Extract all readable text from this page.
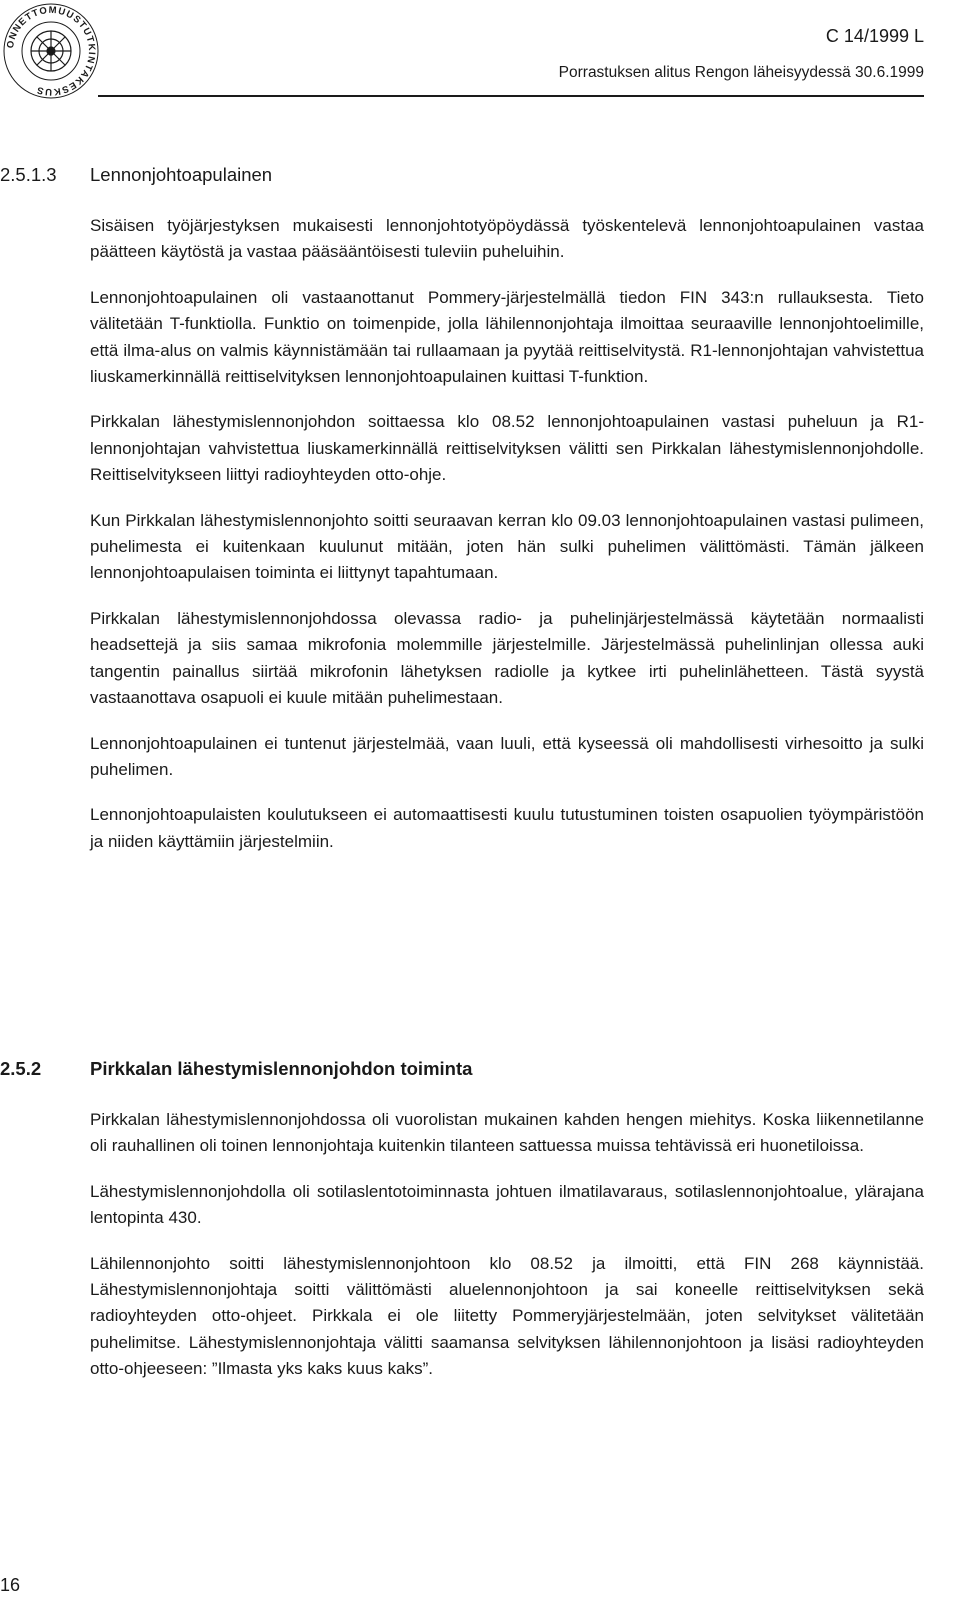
ONNETTOMUUSTUTKINTAKESKUS
C 14/1999 L
Porrastuksen alitus Rengon läheisyydessä 30.6.1999
2.5.1.3 Lennonjohtoapulainen

Sisäisen työjärjestyksen mukaisesti lennonjohtotyöpöydässä työskentelevä lennonjohtoapulainen vastaa päätteen käytöstä ja vastaa pääsääntöisesti tuleviin puheluihin.

Lennonjohtoapulainen oli vastaanottanut Pommery-järjestelmällä tiedon FIN 343:n rullauksesta. Tieto välitetään T-funktiolla. Funktio on toimenpide, jolla lähilennonjohtaja ilmoittaa seuraaville lennonjohtoelimille, että ilma-alus on valmis käynnistämään tai rullaamaan ja pyytää reittiselvitystä. R1-lennonjohtajan vahvistettua liuskamerkinnällä reittiselvityksen lennonjohtoapulainen kuittasi T-funktion.

Pirkkalan lähestymislennonjohdon soittaessa klo 08.52 lennonjohtoapulainen vastasi puheluun ja R1-lennonjohtajan vahvistettua liuskamerkinnällä reittiselvityksen välitti sen Pirkkalan lähestymislennonjohdolle. Reittiselvitykseen liittyi radioyhteyden otto-ohje.

Kun Pirkkalan lähestymislennonjohto soitti seuraavan kerran klo 09.03 lennonjohtoapulainen vastasi pulimeen, puhelimesta ei kuitenkaan kuulunut mitään, joten hän sulki puhelimen välittömästi. Tämän jälkeen lennonjohtoapulaisen toiminta ei liittynyt tapahtumaan.

Pirkkalan lähestymislennonjohdossa olevassa radio- ja puhelinjärjestelmässä käytetään normaalisti headsettejä ja siis samaa mikrofonia molemmille järjestelmille. Järjestelmässä puhelinlinjan ollessa auki tangentin painallus siirtää mikrofonin lähetyksen radiolle ja kytkee irti puhelinlähetteen. Tästä syystä vastaanottava osapuoli ei kuule mitään puhelimestaan.

Lennonjohtoapulainen ei tuntenut järjestelmää, vaan luuli, että kyseessä oli mahdollisesti virhesoitto ja sulki puhelimen.

Lennonjohtoapulaisten koulutukseen ei automaattisesti kuulu tutustuminen toisten osapuolien työympäristöön ja niiden käyttämiin järjestelmiin.

2.5.2	Pirkkalan lähestymislennonjohdon toiminta

Pirkkalan lähestymislennonjohdossa oli vuorolistan mukainen kahden hengen miehitys. Koska liikennetilanne oli rauhallinen oli toinen lennonjohtaja kuitenkin tilanteen sattuessa muissa tehtävissä eri huonetiloissa.

Lähestymislennonjohdolla oli sotilaslentotoiminnasta johtuen ilmatilavaraus, sotilaslennonjohtoalue, ylärajana lentopinta 430.

Lähilennonjohto soitti lähestymislennonjohtoon klo 08.52 ja ilmoitti, että FIN 268 käynnistää. Lähestymislennonjohtaja soitti välittömästi aluelennonjohtoon ja sai koneelle reittiselvityksen sekä radioyhteyden otto-ohjeet. Pirkkala ei ole liitetty Pommeryjärjestelmään, joten selvitykset välitetään puhelimitse. Lähestymislennonjohtaja välitti saamansa selvityksen lähilennonjohtoon ja lisäsi radioyhteyden otto-ohjeeseen: ”Ilmasta yks kaks kuus kaks”.

16
